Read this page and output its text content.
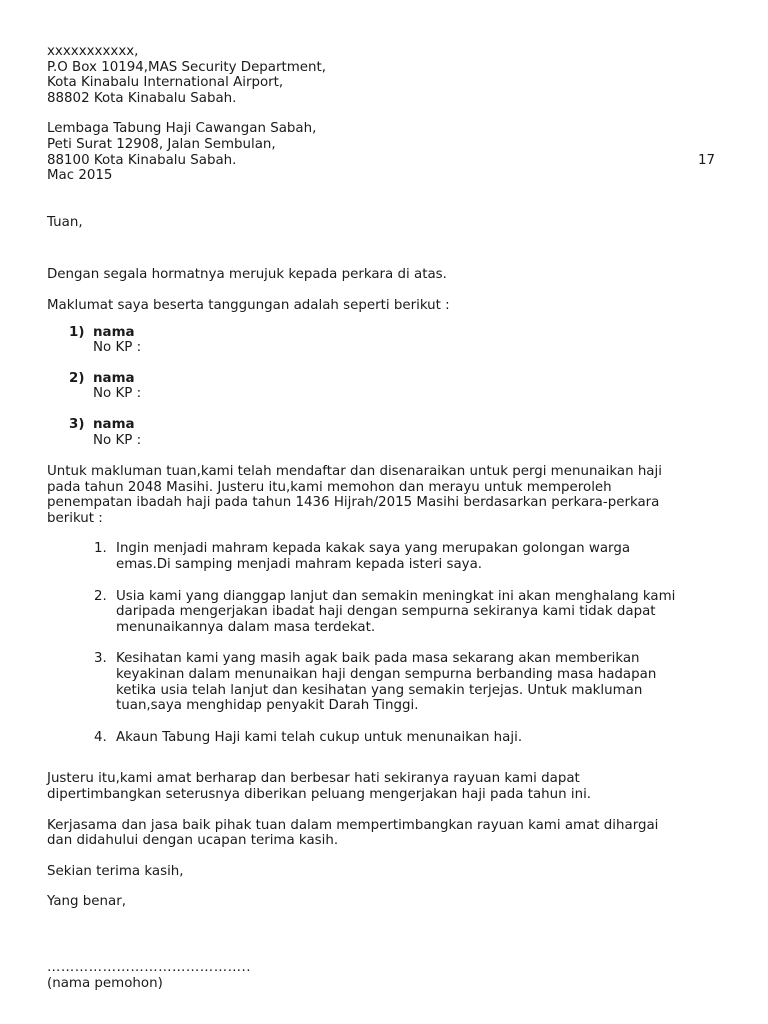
xxxxxxxxxxx,
P.O Box 10194,MAS Security Department,
Kota Kinabalu International Airport,
88802 Kota Kinabalu Sabah.
Lembaga Tabung Haji Cawangan Sabah,
Peti Surat 12908, Jalan Sembulan,
88100 Kota Kinabalu Sabah.	17
Mac 2015

Tuan,

Dengan segala hormatnya merujuk kepada perkara di atas.

Maklumat saya beserta tanggungan adalah seperti berikut :

1) nama
No KP :
2) nama
No KP :
3) nama
No KP :
Untuk makluman tuan,kami telah mendaftar dan disenaraikan untuk pergi menunaikan haji
pada tahun 2048 Masihi. Justeru itu,kami memohon dan merayu untuk memperoleh
penempatan ibadah haji pada tahun 1436 Hijrah/2015 Masihi berdasarkan perkara-perkara
berikut :
1. Ingin menjadi mahram kepada kakak saya yang merupakan golongan warga
emas.Di samping menjadi mahram kepada isteri saya.
2. Usia kami yang dianggap lanjut dan semakin meningkat ini akan menghalang kami
daripada mengerjakan ibadat haji dengan sempurna sekiranya kami tidak dapat
menunaikannya dalam masa terdekat.
3. Kesihatan kami yang masih agak baik pada masa sekarang akan memberikan
keyakinan dalam menunaikan haji dengan sempurna berbanding masa hadapan
ketika usia telah lanjut dan kesihatan yang semakin terjejas. Untuk makluman
tuan,saya menghidap penyakit Darah Tinggi.
4. Akaun Tabung Haji kami telah cukup untuk menunaikan haji.
Justeru itu,kami amat berharap dan berbesar hati sekiranya rayuan kami dapat
dipertimbangkan seterusnya diberikan peluang mengerjakan haji pada tahun ini.
Kerjasama dan jasa baik pihak tuan dalam mempertimbangkan rayuan kami amat dihargai
dan didahului dengan ucapan terima kasih.

Sekian terima kasih,

Yang benar,

……………………………………..
(nama pemohon)
